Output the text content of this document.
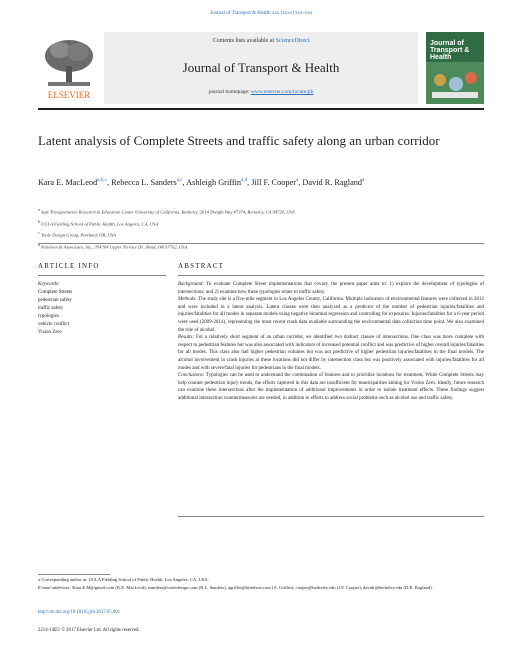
Journal of Transport & Health xxx (xxxx) xxx–xxx
ELSEVIER
Contents lists available at ScienceDirect
Journal of Transport & Health
journal homepage: www.elsevier.com/locate/jth
Journal of Transport & Health
Latent analysis of Complete Streets and traffic safety along an urban corridor
Kara E. MacLeod$^{a,b,⁎}$, Rebecca L. Sanders$^{a,c}$, Ashleigh Griffin$^{a,d}$, Jill F. Cooper$^a$, David R. Ragland$^a$
$^a$ Safe Transportation Research & Education Center University of California, Berkeley, 2614 Dwight Way #7374, Berkeley, CA 94720, USA
$^b$ UCLA Fielding School of Public Health, Los Angeles, CA, USA
$^c$ Toole Design Group, Portland, OR, USA
$^d$ Kittelson & Associates, Inc., 354 SW Upper Terrace Dr., Bend, OR 97702, USA.
ARTICLE INFO
Keywords:
Complete Streets
pedestrian safety
traffic safety
typologies
vehicle conflict
Vision Zero
ABSTRACT

Background: To evaluate Complete Street implementations that covary, the present paper aims to: 1) explore the development of typologies of intersections; and 2) examine how these typologies relate to traffic safety.

Methods: The study site is a five-mile segment in Los Angeles County, California. Multiple indicators of environmental features were collected in 2012 and were included in a latent analysis. Latent classes were then analyzed as a predictor of the number of pedestrian injuries/fatalities and injuries/fatalities for all modes in separate models using negative binomial regression and controlling for exposures. Injuries/fatalities for a 6-year period were used (2009-2014), representing the most recent crash data available surrounding the environmental data collection time point. We also examined the role of alcohol.

Results: For a relatively short segment of an urban corridor, we identified two distinct classes of intersections. One class was more complete with respect to pedestrian features but was also associated with indicators of increased potential conflict and was predictive of higher overall injuries/fatalities for all modes. This class also had higher pedestrian volumes but was not predictive of higher pedestrian injuries/fatalities in the final models. The alcohol involvement in crash injuries at these locations did not differ by intersection class but was positively associated with injuries/fatalities for all modes and with severe/fatal injuries for pedestrians in the final models.

Conclusions: Typologies can be used to understand the combination of features and to prioritize locations for treatment. While Complete Streets may help counter pedestrian injury trends, the efforts captured in this data are insufficient for municipalities aiming for Vision Zero. Ideally, future research can examine these intersections after the implementation of additional improvements in order to isolate treatment effects. These findings suggest additional intersection countermeasures are needed, in addition to efforts to address social problems such as alcohol use and traffic safety.

⁎ Corresponding author at: UCLA Fielding School of Public Health, Los Angeles, CA, USA.
E-mail addresses: Kara.E.M@gmail.com (K.E. MacLeod), rsanders@tooledesign.com (R.L. Sanders), agriffin@kittelson.com (A. Griffin), cooper@berkeley.edu (J.F. Cooper), davidr@berkeley.edu (D.R. Ragland).
http://dx.doi.org/10.1016/j.jth.2017.05.001
2214-1405/ © 2017 Elsevier Ltd. All rights reserved.
